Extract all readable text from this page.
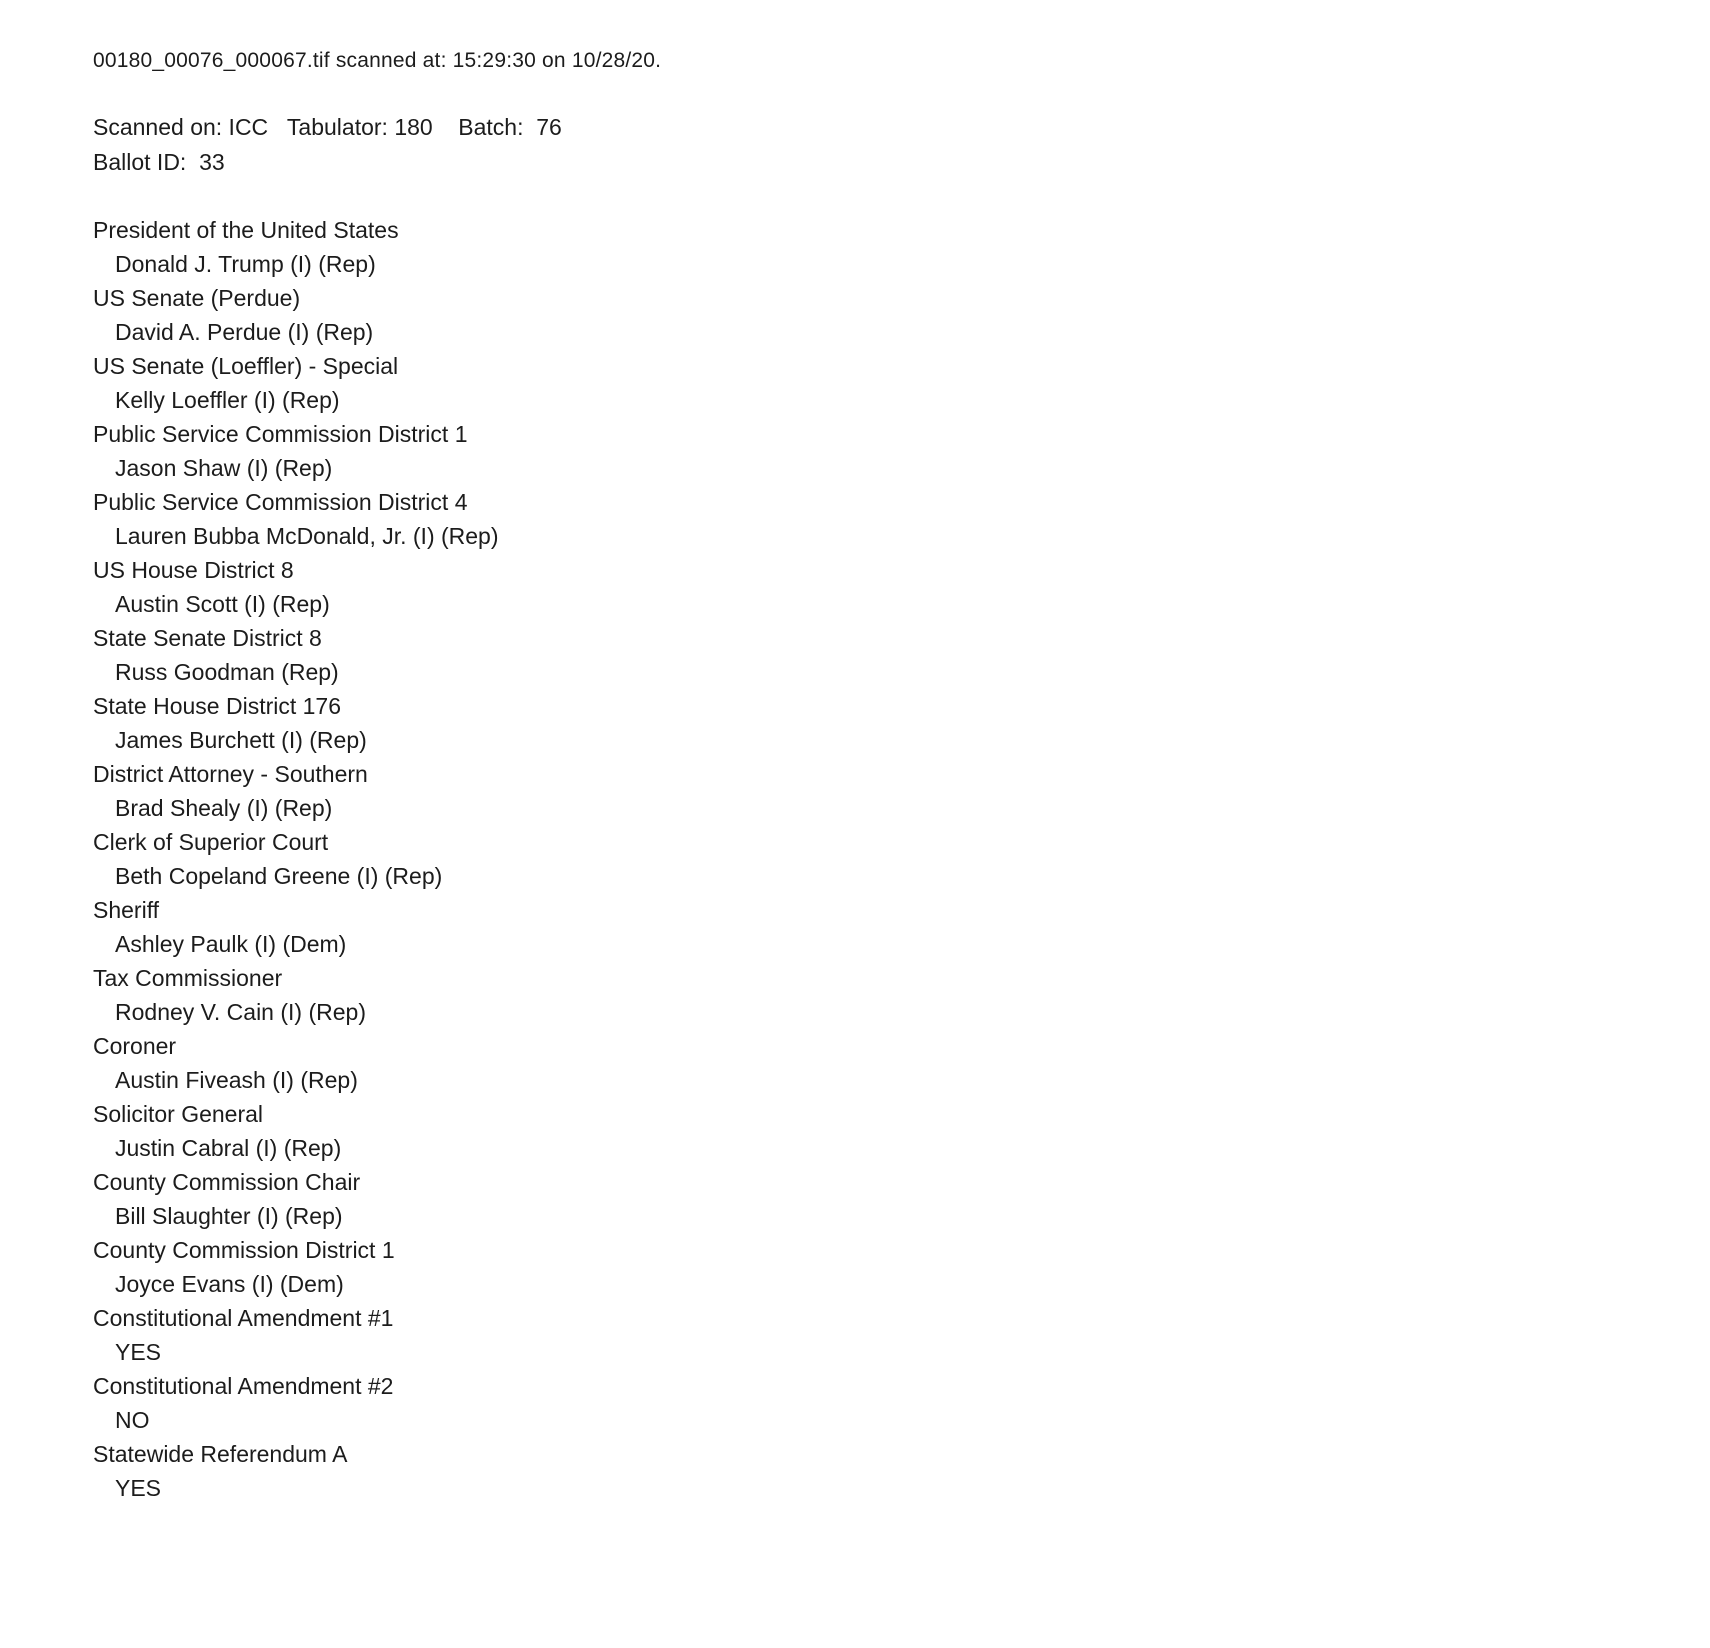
00180_00076_000067.tif scanned at: 15:29:30 on 10/28/20.
Scanned on: ICC   Tabulator: 180    Batch:  76
Ballot ID:  33
President of the United States
Donald J. Trump (I) (Rep)
US Senate (Perdue)
David A. Perdue (I) (Rep)
US Senate (Loeffler) - Special
Kelly Loeffler (I) (Rep)
Public Service Commission District 1
Jason Shaw (I) (Rep)
Public Service Commission District 4
Lauren Bubba McDonald, Jr. (I) (Rep)
US House District 8
Austin Scott (I) (Rep)
State Senate District 8
Russ Goodman (Rep)
State House District 176
James Burchett (I) (Rep)
District Attorney - Southern
Brad Shealy (I) (Rep)
Clerk of Superior Court
Beth Copeland Greene (I) (Rep)
Sheriff
Ashley Paulk (I) (Dem)
Tax Commissioner
Rodney V. Cain (I) (Rep)
Coroner
Austin Fiveash (I) (Rep)
Solicitor General
Justin Cabral (I) (Rep)
County Commission Chair
Bill Slaughter (I) (Rep)
County Commission District 1
Joyce Evans (I) (Dem)
Constitutional Amendment #1
YES
Constitutional Amendment #2
NO
Statewide Referendum A
YES
